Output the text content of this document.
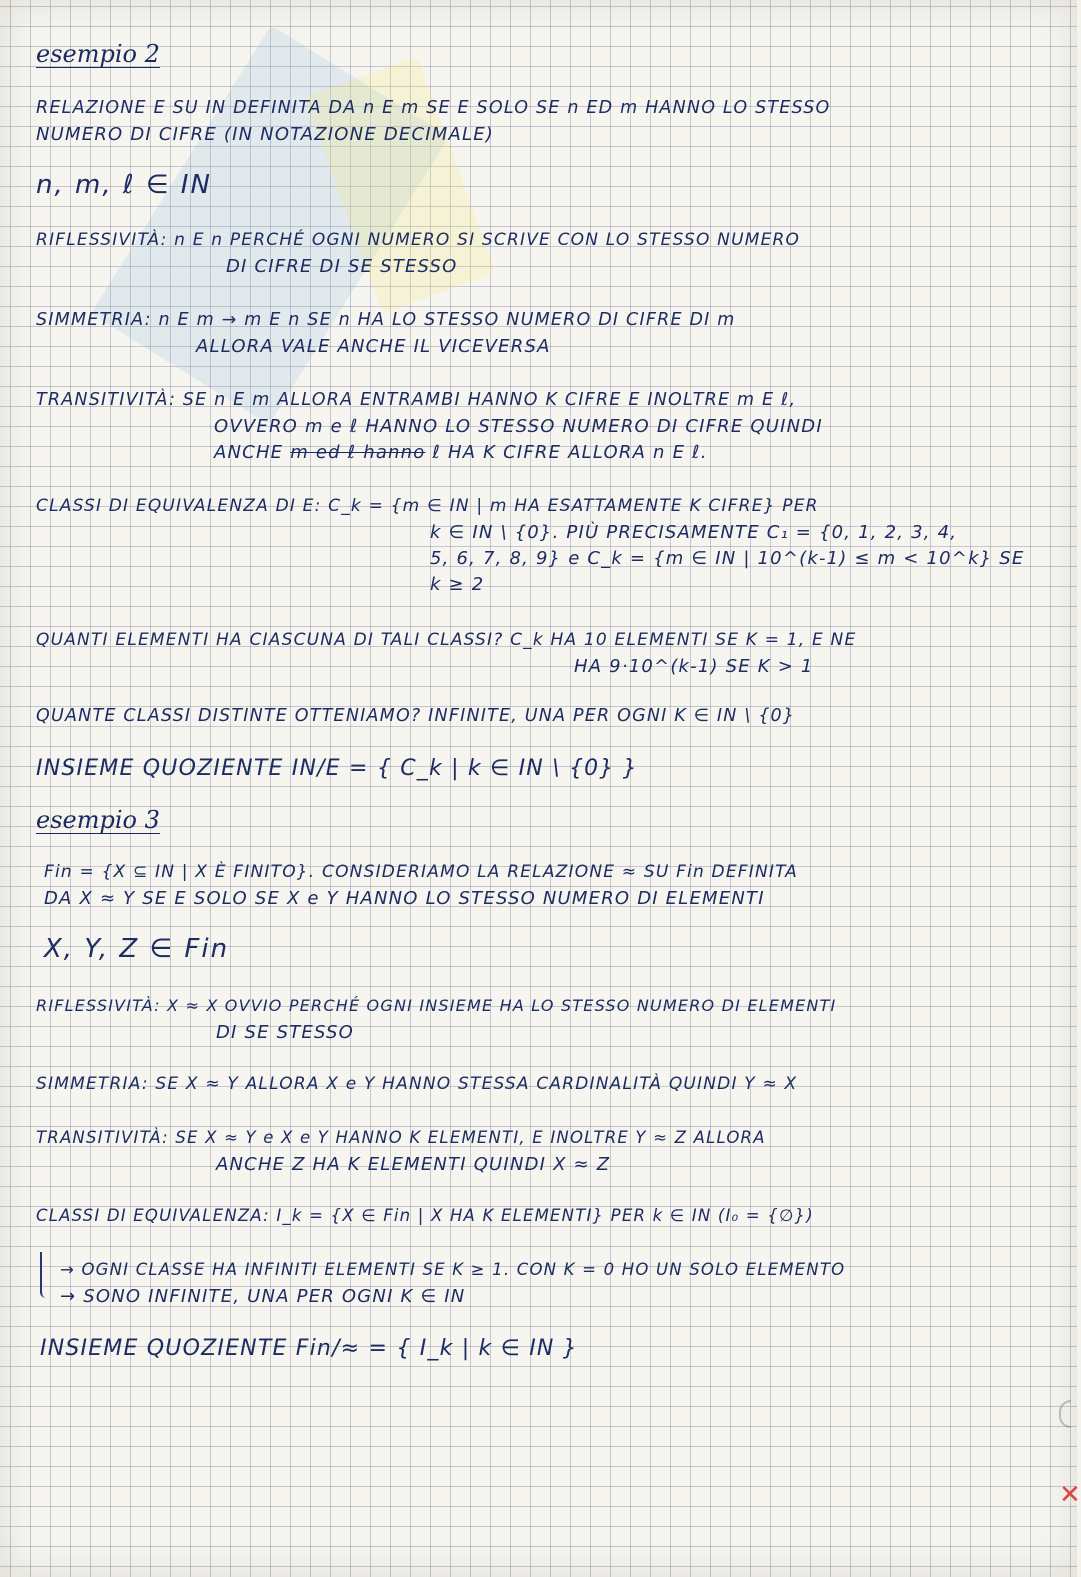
esempio 2
RELAZIONE E SU IN DEFINITA DA n E m SE E SOLO SE n ED m HANNO LO STESSO
NUMERO DI CIFRE (IN NOTAZIONE DECIMALE)
n, m, ℓ ∈ IN
RIFLESSIVITÀ: n E n PERCHÉ OGNI NUMERO SI SCRIVE CON LO STESSO NUMERO
DI CIFRE DI SE STESSO
SIMMETRIA: n E m → m E n SE n HA LO STESSO NUMERO DI CIFRE DI m
ALLORA VALE ANCHE IL VICEVERSA
TRANSITIVITÀ: SE n E m ALLORA ENTRAMBI HANNO K CIFRE E INOLTRE m E ℓ,
OVVERO m e ℓ HANNO LO STESSO NUMERO DI CIFRE QUINDI
ANCHE m ed ℓ hanno ℓ HA K CIFRE ALLORA n E ℓ.
CLASSI DI EQUIVALENZA DI E: C_k = {m ∈ IN | m HA ESATTAMENTE K CIFRE} PER
k ∈ IN \ {0}. PIÙ PRECISAMENTE C₁ = {0, 1, 2, 3, 4,
5, 6, 7, 8, 9} e C_k = {m ∈ IN | 10^(k-1) ≤ m < 10^k} SE
k ≥ 2
QUANTI ELEMENTI HA CIASCUNA DI TALI CLASSI? C_k HA 10 ELEMENTI SE K = 1, E NE
HA 9·10^(k-1) SE K > 1
QUANTE CLASSI DISTINTE OTTENIAMO? INFINITE, UNA PER OGNI K ∈ IN \ {0}
INSIEME QUOZIENTE IN/E = { C_k | k ∈ IN \ {0} }
esempio 3
Fin = {X ⊆ IN | X È FINITO}. CONSIDERIAMO LA RELAZIONE ≈ SU Fin DEFINITA
DA X ≈ Y SE E SOLO SE X e Y HANNO LO STESSO NUMERO DI ELEMENTI
X, Y, Z ∈ Fin
RIFLESSIVITÀ: X ≈ X OVVIO PERCHÉ OGNI INSIEME HA LO STESSO NUMERO DI ELEMENTI
DI SE STESSO
SIMMETRIA: SE X ≈ Y ALLORA X e Y HANNO STESSA CARDINALITÀ QUINDI Y ≈ X
TRANSITIVITÀ: SE X ≈ Y e X e Y HANNO K ELEMENTI, E INOLTRE Y ≈ Z ALLORA
ANCHE Z HA K ELEMENTI QUINDI X ≈ Z
CLASSI DI EQUIVALENZA: I_k = {X ∈ Fin | X HA K ELEMENTI} PER k ∈ IN (I₀ = {∅})
→ OGNI CLASSE HA INFINITI ELEMENTI SE K ≥ 1. CON K = 0 HO UN SOLO ELEMENTO
→ SONO INFINITE, UNA PER OGNI K ∈ IN
INSIEME QUOZIENTE Fin/≈ = { I_k | k ∈ IN }
✕
